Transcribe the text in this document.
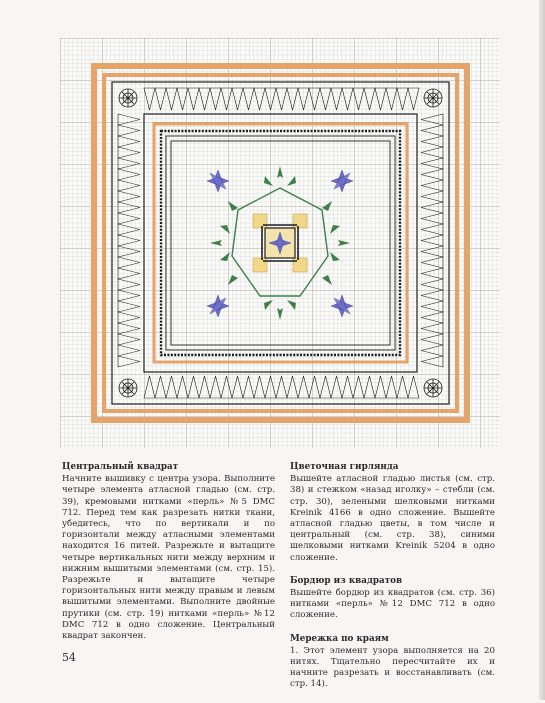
Центральный квадрат
Начните вышивку с центра узора. Выполните четыре элемента атласной гладью (см. стр. 39), кремовыми нитками «перль» №5 DMC 712. Перед тем как разрезать нитки ткани, убедитесь, что по вертикали и по горизонтали между атласными элементами находится 16 питей. Разрежьте и вытащите четыре вертикальных нити между верхним и нижним вышитыми элементами (см. стр. 15). Разрежьте и вытащите четыре горизонтальных нити между правым и левым вышитыми элементами. Выполните двойные прутики (см. стр. 19) нитками «перль» №12 DMC 712 в одно сложение. Центральный квадрат закончен.
Цветочная гирлянда
Вышейте атласной гладью листья (см. стр. 38) и стежком «назад иголку» – стебли (см. стр. 30), зелеными шелковыми нитками Kreinik 4166 в одно сложение. Вышейте атласной гладью цветы, в том числе и центральный (см. стр. 38), синими шелковыми нитками Kreinik 5204 в одно сложение.
Бордюр из квадратов
Вышейте бордюр из квадратов (см. стр. 36) нитками «перль» №12 DMC 712 в одно сложение.
Мережка по краям
1. Этот элемент узора выполняется на 20 нитях. Тщательно пересчитайте их и начните разрезать и восстанавливать (см. стр. 14).
54
